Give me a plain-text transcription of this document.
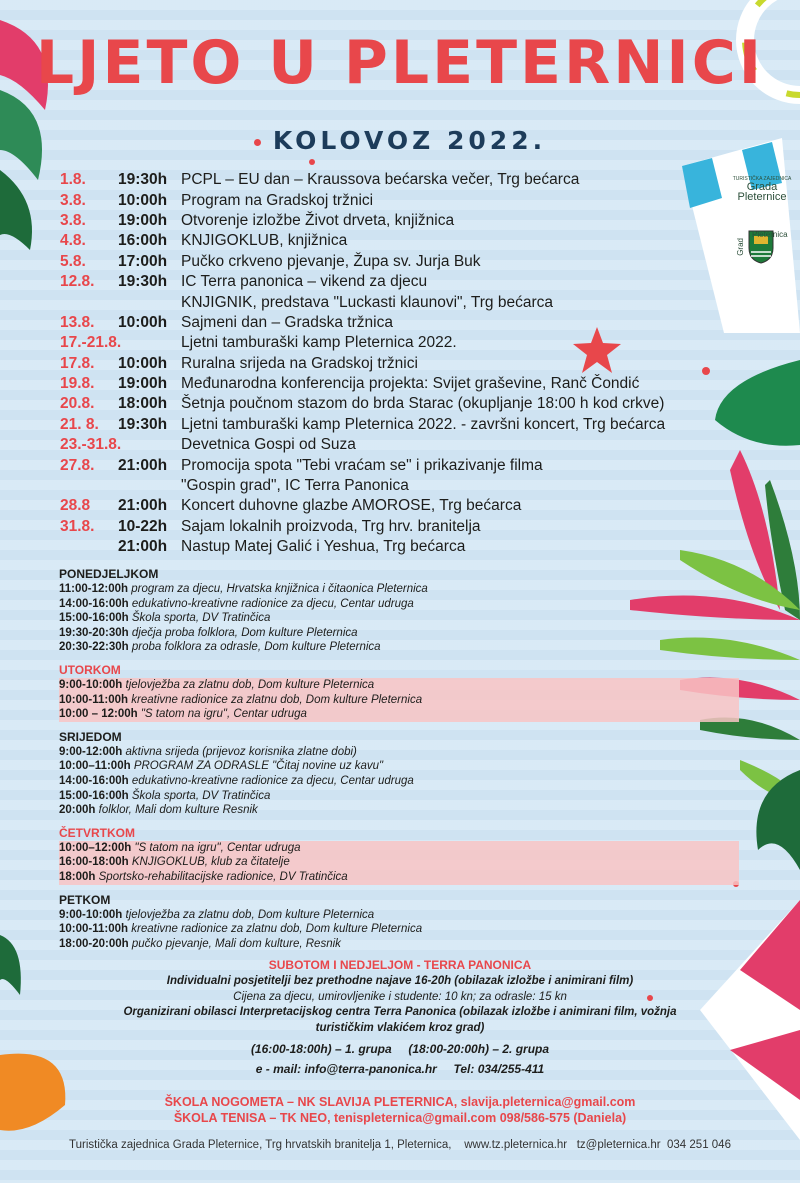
TURISTIČKA ZAJEDNICA
Grada
Pleternice
Grad
Pleternica
LJETO U PLETERNICI
KOLOVOZ 2022.
1.8.	19:30h PCPL – EU dan – Kraussova bećarska večer, Trg bećarca
3.8.	10:00h Program na Gradskoj tržnici
3.8.	19:00h Otvorenje izložbe Život drveta, knjižnica
4.8.	16:00h KNJIGOKLUB, knjižnica
5.8.	17:00h Pučko crkveno pjevanje, Župa sv. Jurja Buk
12.8.	19:30h IC Terra panonica – vikend za djecu
KNJIGNIK, predstava "Luckasti klaunovi", Trg bećarca
13.8.	10:00h Sajmeni dan – Gradska tržnica
17.-21.8.	Ljetni tamburaški kamp Pleternica 2022.
17.8.	10:00h Ruralna srijeda na Gradskoj tržnici
19.8.	19:00h Međunarodna konferencija projekta: Svijet graševine, Ranč Čondić
20.8.	18:00h Šetnja poučnom stazom do brda Starac (okupljanje 18:00 h kod crkve)
21. 8.	19:30h Ljetni tamburaški kamp Pleternica 2022. - završni koncert, Trg bećarca
23.-31.8.	Devetnica Gospi od Suza
27.8.	21:00h Promocija spota "Tebi vraćam se" i prikazivanje filma
"Gospin grad", IC Terra Panonica
28.8	21:00h Koncert duhovne glazbe AMOROSE, Trg bećarca
31.8.	10-22h Sajam lokalnih proizvoda, Trg hrv. branitelja
21:00h Nastup Matej Galić i Yeshua, Trg bećarca
PONEDJELJKOM
11:00-12:00h program za djecu, Hrvatska knjižnica i čitaonica Pleternica
14:00-16:00h edukativno-kreativne radionice za djecu, Centar udruga
15:00-16:00h Škola sporta, DV Tratinčica
19:30-20:30h dječja proba folklora, Dom kulture Pleternica
20:30-22:30h proba folklora za odrasle, Dom kulture Pleternica
UTORKOM
9:00-10:00h tjelovježba za zlatnu dob, Dom kulture Pleternica
10:00-11:00h kreativne radionice za zlatnu dob, Dom kulture Pleternica
10:00 – 12:00h "S tatom na igru", Centar udruga
SRIJEDOM
9:00-12:00h aktivna srijeda (prijevoz korisnika zlatne dobi)
10:00–11:00h PROGRAM ZA ODRASLE "Čitaj novine uz kavu"
14:00-16:00h edukativno-kreativne radionice za djecu, Centar udruga
15:00-16:00h Škola sporta, DV Tratinčica
20:00h folklor, Mali dom kulture Resnik
ČETVRTKOM
10:00–12:00h "S tatom na igru", Centar udruga
16:00-18:00h KNJIGOKLUB, klub za čitatelje
18:00h Sportsko-rehabilitacijske radionice, DV Tratinčica
PETKOM
9:00-10:00h tjelovježba za zlatnu dob, Dom kulture Pleternica
10:00-11:00h kreativne radionice za zlatnu dob, Dom kulture Pleternica
18:00-20:00h pučko pjevanje, Mali dom kulture, Resnik
SUBOTOM I NEDJELJOM - TERRA PANONICA
Individualni posjetitelji bez prethodne najave 16-20h (obilazak izložbe i animirani film)
Cijena za djecu, umirovljenike i studente: 10 kn; za odrasle: 15 kn
Organizirani obilasci Interpretacijskog centra Terra Panonica (obilazak izložbe i animirani film, vožnja
turističkim vlakićem kroz grad)
(16:00-18:00h) – 1. grupa     (18:00-20:00h) – 2. grupa
e - mail: info@terra-panonica.hr     Tel: 034/255-411
ŠKOLA NOGOMETA – NK SLAVIJA PLETERNICA, slavija.pleternica@gmail.com
ŠKOLA TENISA – TK NEO, tenispleternica@gmail.com 098/586-575 (Daniela)
Turistička zajednica Grada Pleternice, Trg hrvatskih branitelja 1, Pleternica,    www.tz.pleternica.hr   tz@pleternica.hr  034 251 046
